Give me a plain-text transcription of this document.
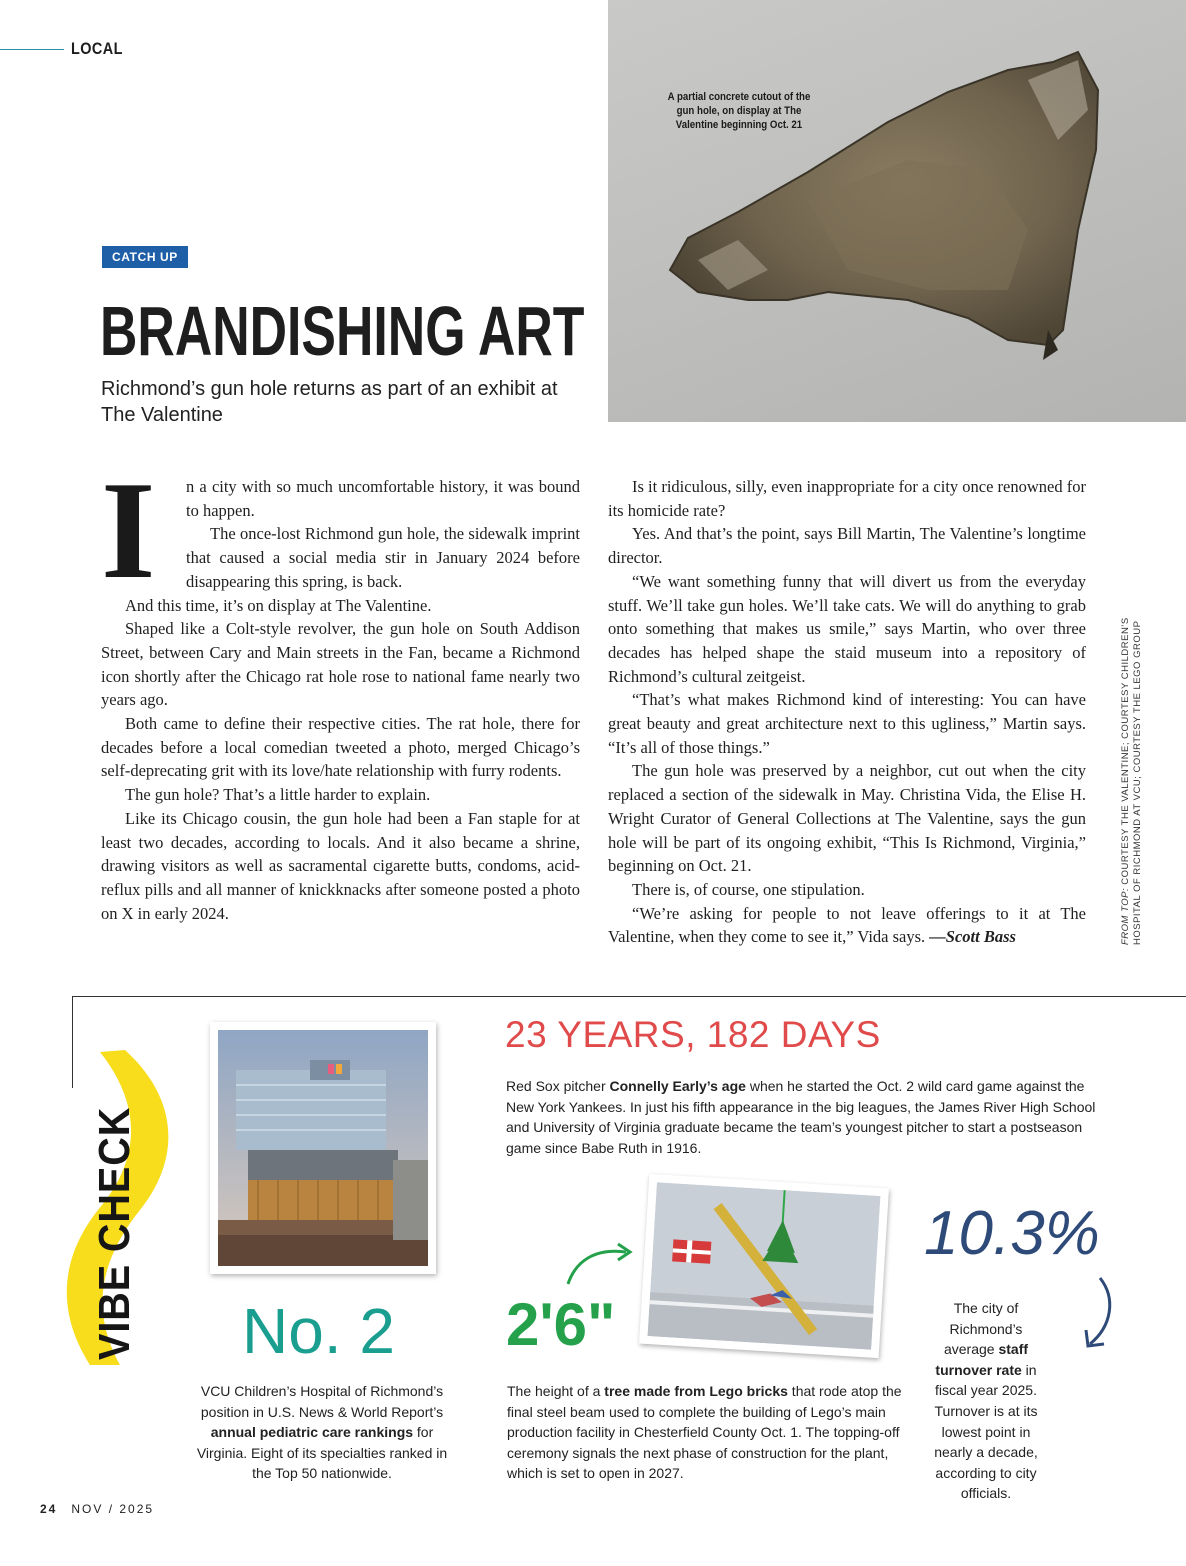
LOCAL
A partial concrete cutout of the gun hole, on display at The Valentine beginning Oct. 21
CATCH UP
BRANDISHING ART
Richmond’s gun hole returns as part of an exhibit at The Valentine
I	n a city with so much uncomfortable history, it was bound to happen.

The once-lost Richmond gun hole, the sidewalk imprint that caused a social media stir in January 2024 before disappearing this spring, is back.

And this time, it’s on display at The Valentine.

Shaped like a Colt-style revolver, the gun hole on South Addison Street, between Cary and Main streets in the Fan, became a Richmond icon shortly after the Chicago rat hole rose to national fame nearly two years ago.

Both came to define their respective cities. The rat hole, there for decades before a local comedian tweeted a photo, merged Chicago’s self-deprecating grit with its love/hate relationship with furry rodents.

The gun hole? That’s a little harder to explain.

Like its Chicago cousin, the gun hole had been a Fan staple for at least two decades, according to locals. And it also became a shrine, drawing visitors as well as sacramental cigarette butts, condoms, acid-reflux pills and all manner of knickknacks after someone posted a photo on X in early 2024.

Is it ridiculous, silly, even inappropriate for a city once renowned for its homicide rate?

Yes. And that’s the point, says Bill Martin, The Valentine’s longtime director.

“We want something funny that will divert us from the everyday stuff. We’ll take gun holes. We’ll take cats. We will do anything to grab onto something that makes us smile,” says Martin, who over three decades has helped shape the staid museum into a repository of Richmond’s cultural zeitgeist.

“That’s what makes Richmond kind of interesting: You can have great beauty and great architecture next to this ugliness,” Martin says. “It’s all of those things.”

The gun hole was preserved by a neighbor, cut out when the city replaced a section of the sidewalk in May. Christina Vida, the Elise H. Wright Curator of General Collections at The Valentine, says the gun hole will be part of its ongoing exhibit, “This Is Richmond, Virginia,” beginning on Oct. 21.

There is, of course, one stipulation.

“We’re asking for people to not leave offerings to it at The Valentine, when they come to see it,” Vida says. —Scott Bass	FROM TOP: COURTESY THE VALENTINE; COURTESY CHILDREN’S HOSPITAL OF RICHMOND AT VCU; COURTESY THE LEGO GROUP
VIBE CHECK
23 YEARS, 182 DAYS
Red Sox pitcher Connelly Early’s age when he started the Oct. 2 wild card game against the New York Yankees. In just his fifth appearance in the big leagues, the James River High School and University of Virginia graduate became the team’s youngest pitcher to start a postseason game since Babe Ruth in 1916.
No. 2
VCU Children’s Hospital of Richmond’s position in U.S. News & World Report’s annual pediatric care rankings for Virginia. Eight of its specialties ranked in the Top 50 nationwide.
2'6"
The height of a tree made from Lego bricks that rode atop the final steel beam used to complete the building of Lego’s main production facility in Chesterfield County Oct. 1. The topping-off ceremony signals the next phase of construction for the plant, which is set to open in 2027.
10.3%
The city of Richmond’s average staff turnover rate in fiscal year 2025. Turnover is at its lowest point in nearly a decade, according to city officials.
24 NOV / 2025
